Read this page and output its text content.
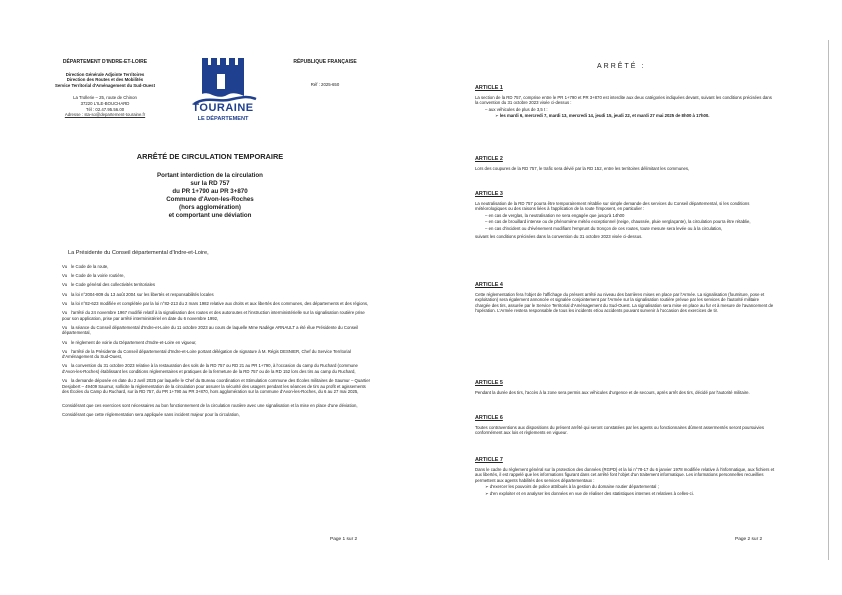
DÉPARTEMENT D'INDRE-ET-LOIRE
Direction Générale Adjointe Territoires
Direction des Routes et des Mobilités
Service Territorial d'Aménagement du Sud-Ouest
La Trollerie – 25, route de Chinon
37220 L'ILE-BOUCHARD
Tél : 02.47.95.56.00
Adresse : sta-so@departement-touraine.fr
TOURAINE
LE DÉPARTEMENT
RÉPUBLIQUE FRANÇAISE
Réf : 2025-650
ARRÊTÉ DE CIRCULATION TEMPORAIRE
Portant interdiction de la circulation
sur la RD 757
du PR 1+790 au PR 3+870
Commune d'Avon-les-Roches
(hors agglomération)
et comportant une déviation
La Présidente du Conseil départemental d'Indre-et-Loire,
Vu le Code de la route,
Vu le Code de la voirie routière,
Vu le Code général des collectivités territoriales
Vu la loi n°2004-809 du 13 août 2004 sur les libertés et responsabilités locales
Vu la loi n°82-623 modifiée et complétée par la loi n°82-213 du 2 mars 1982 relative aux droits et aux libertés des communes, des départements et des régions,
Vu l'arrêté du 24 novembre 1967 modifié relatif à la signalisation des routes et des autoroutes et l'instruction interministérielle sur la signalisation routière prise pour son application, prise par arrêté interministériel en date du 6 novembre 1992,
Vu la séance du Conseil départemental d'Indre-et-Loire du 11 octobre 2023 au cours de laquelle Mme Nadège ARNAULT a été élue Présidente du Conseil départemental,
Vu le règlement de voirie du Département d'Indre-et-Loire en vigueur,
Vu l'arrêté de la Présidente du Conseil départemental d'Indre-et-Loire portant délégation de signature à M. Régis DESNIER, Chef du Service Territorial d'Aménagement du Sud-Ouest,
Vu la convention du 31 octobre 2023 relative à la restauration des sols de la RD 757 ou RD 21 au PR 1+790, à l'occasion du camp du Ruchard (commune d'Avon-les-Roches) établissant les conditions réglementaires et pratiques de la fermeture de la RD 757 ou de la RD 152 lors des tirs au camp du Ruchard,
Vu la demande déposée en date du 2 avril 2025 par laquelle le Chef du Bureau coordination et Stimulation commune des Écoles militaires de Saumur – Quartier Desjobert – 49409 Saumur, sollicite la réglementation de la circulation pour assurer la sécurité des usagers pendant les séances de tirs au profit et agissements des Écoles du Camp du Ruchard, sur la RD 757, du PR 1+790 au PR 3+870, hors agglomération sur la commune d'Avon-les-Roches, du 6 au 27 mai 2025,
Considérant que ces exercices sont nécessaires au bon fonctionnement de la circulation routière avec une signalisation et la mise en place d'une déviation,
Considérant que cette réglementation sera appliquée sans incident majeur pour la circulation,
Page 1 sur 2
ARRÊTÉ :
ARTICLE 1

La section de la RD 757, comprise entre le PR 1+790 et PR 3+870 est interdite aux deux catégories indiquées devant, suivant les conditions précisées dans la convention du 31 octobre 2023 visée ci-dessus :

– aux véhicules de plus de 3,5 t :
➢ les mardi 6, mercredi 7, mardi 13, mercredi 14, jeudi 15, jeudi 22, et mardi 27 mai 2025 de 8h00 à 17h00.
ARTICLE 2

Lors des coupures de la RD 757, le trafic sera dévié par la RD 152, entre les territoires délimitant les communes,

ARTICLE 3

La neutralisation de la RD 757 pourra être temporairement rétablie sur simple demande des services du Conseil départemental, si les conditions météorologiques ou des raisons liées à l'application de la route l'imposent, en particulier :

– en cas de verglas, la neutralisation ne sera engagée que jusqu'à 14h00
– en cas de brouillard intense ou de phénomène météo exceptionnel (neige, chaussée, pluie verglaçante), la circulation pourra être rétablie,
– en cas d'incident ou d'évènement modifiant l'emprunt du tronçon de ces routes, toute mesure sera levée ou à la circulation,

suivant les conditions précisées dans la convention du 31 octobre 2023 visée ci-dessus.

ARTICLE 4

Cette réglementation fera l'objet de l'affichage du présent arrêté au niveau des barrières mises en place par l'Armée. La signalisation (fourniture, pose et exploitation) sera également annoncée et signalée conjointement par l'Armée sur la signalisation routière prévue par les services de l'autorité militaire chargée des tirs, assurée par le Service Territorial d'Aménagement du Sud-Ouest. La signalisation sera mise en place au fur et à mesure de l'avancement de l'opération. L'Armée restera responsable de tous les incidents et/ou accidents pouvant survenir à l'occasion des exercices de tir.

ARTICLE 5

Pendant la durée des tirs, l'accès à la zone sera permis aux véhicules d'urgence et de secours, après arrêt des tirs, décidé par l'autorité militaire.

ARTICLE 6

Toutes contraventions aux dispositions du présent arrêté qui seront constatées par les agents ou fonctionnaires dûment assermentés seront poursuivies conformément aux lois et règlements en vigueur.

ARTICLE 7

Dans le cadre du règlement général sur la protection des données (RGPD) et la loi n°78-17 du 6 janvier 1978 modifiée relative à l'informatique, aux fichiers et aux libertés, il est rappelé que les informations figurant dans cet arrêté font l'objet d'un traitement informatique. Les informations personnelles recueillies permettent aux agents habilités des services départementaux :

➢ d'exercer les pouvoirs de police attribués à la gestion du domaine routier départemental ;
➢ d'en exploiter et en analyser les données en vue de réaliser des statistiques internes et relatives à celles-ci.
Page 2 sur 2
